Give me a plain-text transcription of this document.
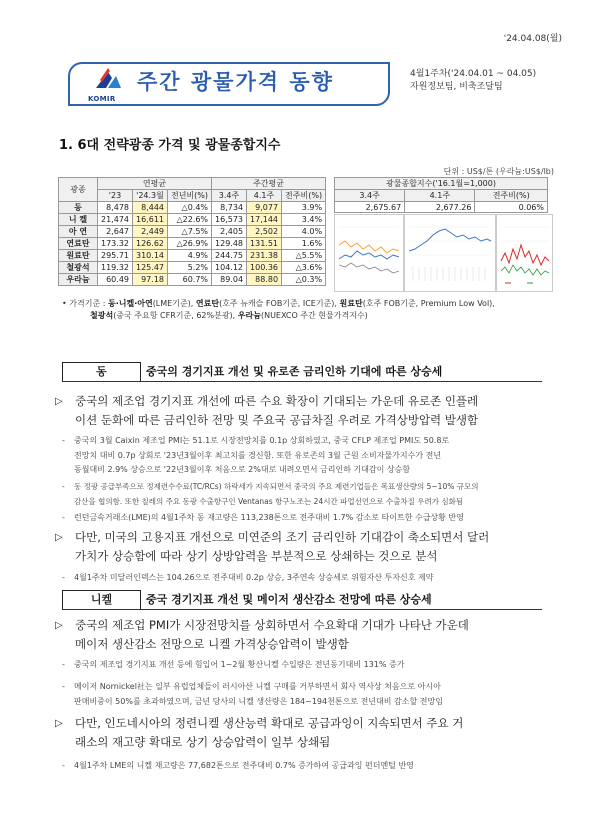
'24.04.08(월)
KOMIR
주간 광물가격 동향	4월1주차('24.04.01 ~ 04.05)
자원정보팀, 비축조달팀
1. 6대 전략광종 가격 및 광물종합지수
단위 : US$/톤 (우라늄:US$/lb)
광종	연평균			주간평균		
	'23	'24.3월	전년비(%)	3.4주	4.1주	전주비(%)
동	8,478	8,444	△0.4%	8,734	9,077	3.9%
니 켈	21,474	16,611	△22.6%	16,573	17,144	3.4%
아 연	2,647	2,449	△7.5%	2,405	2,502	4.0%
연료탄	173.32	126.62	△26.9%	129.48	131.51	1.6%
원료탄	295.71	310.14	4.9%	244.75	231.38	△5.5%
철광석	119.32	125.47	5.2%	104.12	100.36	△3.6%
우라늄	60.49	97.18	60.7%	89.04	88.80	△0.3%
광물종합지수('16.1월=1,000)		
3.4주	4.1주	전주비(%)
2,675.67	2,677.26	0.06%
·····
• 가격기준 : 동·니켈·아연(LME기준), 연료탄(호주 뉴캐슬 FOB기준, ICE기준), 원료탄(호주 FOB기준, Premium Low Vol),
철광석(중국 주요항 CFR기준, 62%분광), 우라늄(NUEXCO 주간 현물가격지수)
동	중국의 경기지표 개선 및 유로존 금리인하 기대에 따른 상승세
▷ 중국의 제조업 경기지표 개선에 따른 수요 확장이 기대되는 가운데 유로존 인플레
이션 둔화에 따른 금리인하 전망 및 주요국 공급차질 우려로 가격상방압력 발생함
- 중국의 3월 Caixin 제조업 PMI는 51.1로 시장전망치를 0.1p 상회하였고, 중국 CFLP 제조업 PMI도 50.8로
전망치 대비 0.7p 상회로 '23년3월이후 최고치를 경신함. 또한 유로존의 3월 근원 소비자물가지수가 전년
동월대비 2.9% 상승으로 '22년3월이후 처음으로 2%대로 내려오면서 금리인하 기대감이 상승함
- 동 정광 공급부족으로 정제련수수료(TC/RCs) 하락세가 지속되면서 중국의 주요 제련기업들은 목표생산량의 5~10% 규모의
감산을 협의함. 또한 칠레의 주요 동광 수출항구인 Ventanas 항구노조는 24시간 파업선언으로 수출차질 우려가 심화됨
- 런던금속거래소(LME)의 4월1주차 동 재고량은 113,238톤으로 전주대비 1.7% 감소로 타이트한 수급상황 반영
▷ 다만, 미국의 고용지표 개선으로 미연준의 조기 금리인하 기대감이 축소되면서 달러
가치가 상승함에 따라 상기 상방압력을 부분적으로 상쇄하는 것으로 분석
- 4월1주차 미달러인덱스는 104.26으로 전주대비 0.2p 상승, 3주연속 상승세로 위험자산 투자신호 제약
니켈	중국 경기지표 개선 및 메이저 생산감소 전망에 따른 상승세
▷ 중국의 제조업 PMI가 시장전망치를 상회하면서 수요확대 기대가 나타난 가운데
메이저 생산감소 전망으로 니켈 가격상승압력이 발생함
- 중국의 제조업 경기지표 개선 등에 힘입어 1~2월 황산니켈 수입량은 전년동기대비 131% 증가
- 메이저 Nornickel社는 일부 유럽업체들이 러시아산 니켈 구매를 거부하면서 회사 역사상 처음으로 아시아
판매비중이 50%를 초과하였으며, 금년 당사의 니켈 생산량은 184~194천톤으로 전년대비 감소할 전망임
▷ 다만, 인도네시아의 정련니켈 생산능력 확대로 공급과잉이 지속되면서 주요 거
래소의 재고량 확대로 상기 상승압력이 일부 상쇄됨
- 4월1주차 LME의 니켈 재고량은 77,682톤으로 전주대비 0.7% 증가하여 공급과잉 펀더멘털 반영
